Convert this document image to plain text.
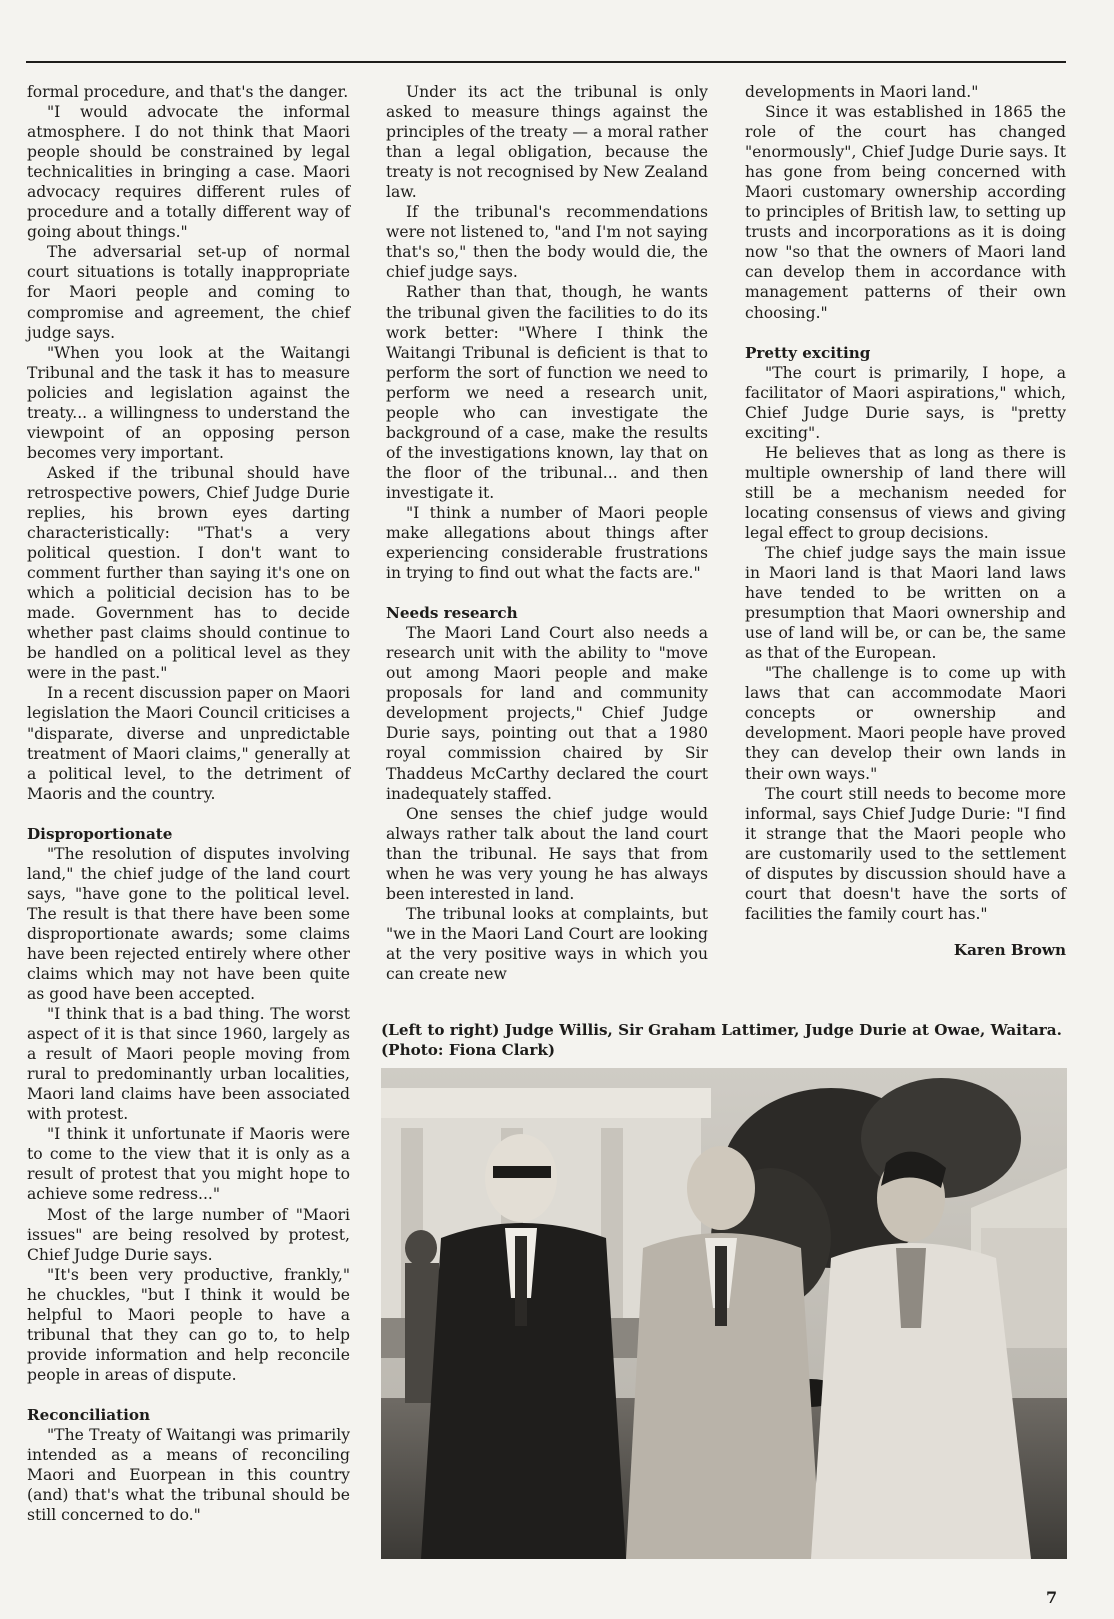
formal procedure, and that's the danger.

"I would advocate the informal atmosphere. I do not think that Maori people should be constrained by legal technicalities in bringing a case. Maori advocacy requires different rules of procedure and a totally different way of going about things."

The adversarial set-up of normal court situations is totally inappropriate for Maori people and coming to compromise and agreement, the chief judge says.

"When you look at the Waitangi Tribunal and the task it has to measure policies and legislation against the treaty... a willingness to understand the viewpoint of an opposing person becomes very important.

Asked if the tribunal should have retrospective powers, Chief Judge Durie replies, his brown eyes darting characteristically: "That's a very political question. I don't want to comment further than saying it's one on which a politicial decision has to be made. Government has to decide whether past claims should continue to be handled on a political level as they were in the past."

In a recent discussion paper on Maori legislation the Maori Council criticises a "disparate, diverse and unpredictable treatment of Maori claims," generally at a political level, to the detriment of Maoris and the country.

Disproportionate

"The resolution of disputes involving land," the chief judge of the land court says, "have gone to the political level. The result is that there have been some disproportionate awards; some claims have been rejected entirely where other claims which may not have been quite as good have been accepted.

"I think that is a bad thing. The worst aspect of it is that since 1960, largely as a result of Maori people moving from rural to predominantly urban localities, Maori land claims have been associated with protest.

"I think it unfortunate if Maoris were to come to the view that it is only as a result of protest that you might hope to achieve some redress..."

Most of the large number of "Maori issues" are being resolved by protest, Chief Judge Durie says.

"It's been very productive, frankly," he chuckles, "but I think it would be helpful to Maori people to have a tribunal that they can go to, to help provide information and help reconcile people in areas of dispute.

Reconciliation

"The Treaty of Waitangi was primarily intended as a means of reconciling Maori and Euorpean in this country (and) that's what the tribunal should be still concerned to do."

Under its act the tribunal is only asked to measure things against the principles of the treaty — a moral rather than a legal obligation, because the treaty is not recognised by New Zealand law.

If the tribunal's recommendations were not listened to, "and I'm not saying that's so," then the body would die, the chief judge says.

Rather than that, though, he wants the tribunal given the facilities to do its work better: "Where I think the Waitangi Tribunal is deficient is that to perform the sort of function we need to perform we need a research unit, people who can investigate the background of a case, make the results of the investigations known, lay that on the floor of the tribunal... and then investigate it.

"I think a number of Maori people make allegations about things after experiencing considerable frustrations in trying to find out what the facts are."

Needs research

The Maori Land Court also needs a research unit with the ability to "move out among Maori people and make proposals for land and community development projects," Chief Judge Durie says, pointing out that a 1980 royal commission chaired by Sir Thaddeus McCarthy declared the court inadequately staffed.

One senses the chief judge would always rather talk about the land court than the tribunal. He says that from when he was very young he has always been interested in land.

The tribunal looks at complaints, but "we in the Maori Land Court are looking at the very positive ways in which you can create new

developments in Maori land."

Since it was established in 1865 the role of the court has changed "enormously", Chief Judge Durie says. It has gone from being concerned with Maori customary ownership according to principles of British law, to setting up trusts and incorporations as it is doing now "so that the owners of Maori land can develop them in accordance with management patterns of their own choosing."

Pretty exciting

"The court is primarily, I hope, a facilitator of Maori aspirations," which, Chief Judge Durie says, is "pretty exciting".

He believes that as long as there is multiple ownership of land there will still be a mechanism needed for locating consensus of views and giving legal effect to group decisions.

The chief judge says the main issue in Maori land is that Maori land laws have tended to be written on a presumption that Maori ownership and use of land will be, or can be, the same as that of the European.

"The challenge is to come up with laws that can accommodate Maori concepts or ownership and development. Maori people have proved they can develop their own lands in their own ways."

The court still needs to become more informal, says Chief Judge Durie: "I find it strange that the Maori people who are customarily used to the settlement of disputes by discussion should have a court that doesn't have the sorts of facilities the family court has."

Karen Brown
(Left to right) Judge Willis, Sir Graham Lattimer, Judge Durie at Owae, Waitara. (Photo: Fiona Clark)
7
